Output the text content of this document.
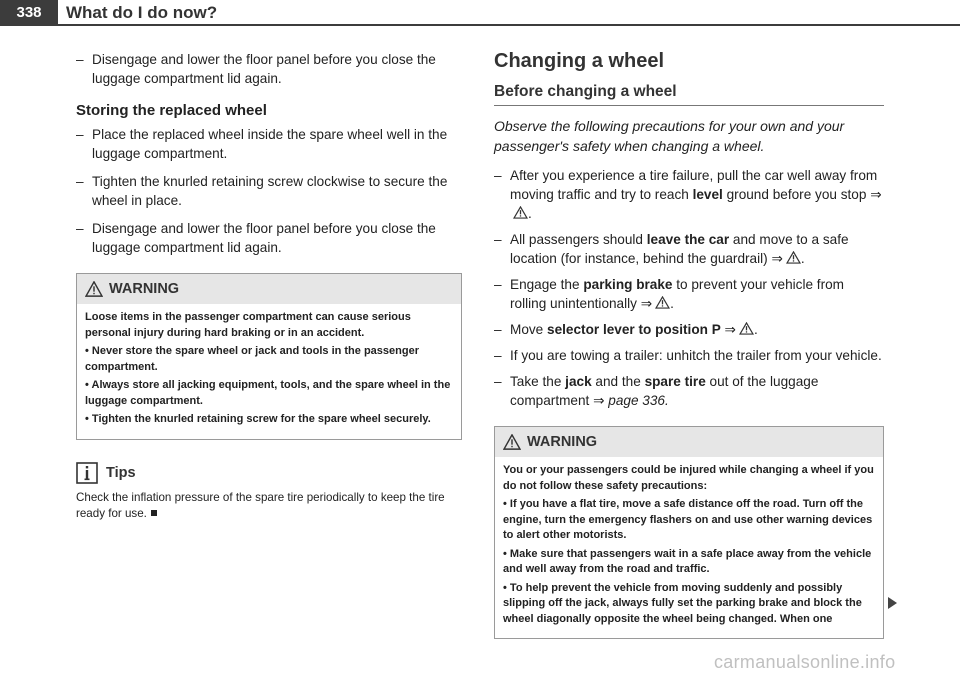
338	What do I do now?
– Disengage and lower the floor panel before you close the luggage compartment lid again.
Storing the replaced wheel
– Place the replaced wheel inside the spare wheel well in the luggage compartment.
– Tighten the knurled retaining screw clockwise to secure the wheel in place.
– Disengage and lower the floor panel before you close the luggage compartment lid again.
WARNING

Loose items in the passenger compartment can cause serious personal injury during hard braking or in an accident.

• Never store the spare wheel or jack and tools in the passenger compartment.

• Always store all jacking equipment, tools, and the spare wheel in the luggage compartment.

• Tighten the knurled retaining screw for the spare wheel securely.

Tips
Check the inflation pressure of the spare tire periodically to keep the tire ready for use.
Changing a wheel
Before changing a wheel
Observe the following precautions for your own and your passenger's safety when changing a wheel.
– After you experience a tire failure, pull the car well away from moving traffic and try to reach level ground before you stop ⇒.
– All passengers should leave the car and move to a safe location (for instance, behind the guardrail) ⇒ .
– Engage the parking brake to prevent your vehicle from rolling unintentionally ⇒ .
– Move selector lever to position P ⇒ .
– If you are towing a trailer: unhitch the trailer from your vehicle.
– Take the jack and the spare tire out of the luggage compartment ⇒ page 336.
WARNING

You or your passengers could be injured while changing a wheel if you do not follow these safety precautions:

• If you have a flat tire, move a safe distance off the road. Turn off the engine, turn the emergency flashers on and use other warning devices to alert other motorists.

• Make sure that passengers wait in a safe place away from the vehicle and well away from the road and traffic.

• To help prevent the vehicle from moving suddenly and possibly slipping off the jack, always fully set the parking brake and block the wheel diagonally opposite the wheel being changed. When one

carmanualsonline.info
